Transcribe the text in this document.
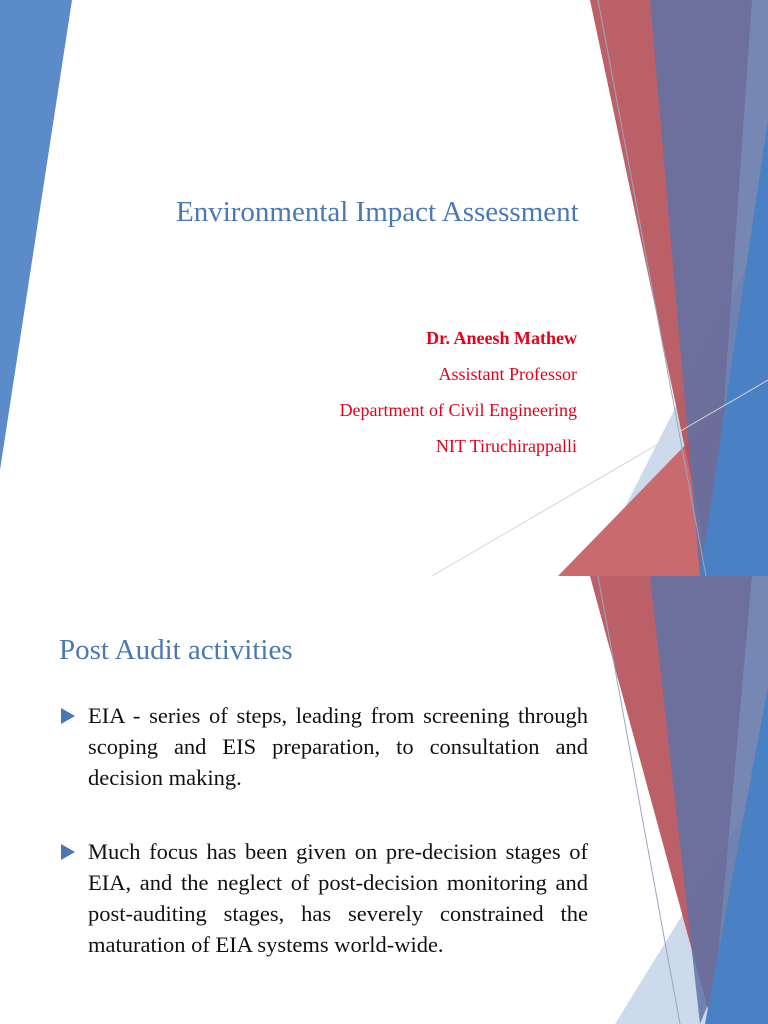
Environmental Impact Assessment
Dr. Aneesh Mathew
Assistant Professor
Department of Civil Engineering
NIT Tiruchirappalli
Post Audit activities
EIA - series of steps, leading from screening through scoping and EIS preparation, to consultation and decision making.
Much focus has been given on pre-decision stages of EIA, and the neglect of post-decision monitoring and post-auditing stages, has severely constrained the maturation of EIA systems world-wide.
